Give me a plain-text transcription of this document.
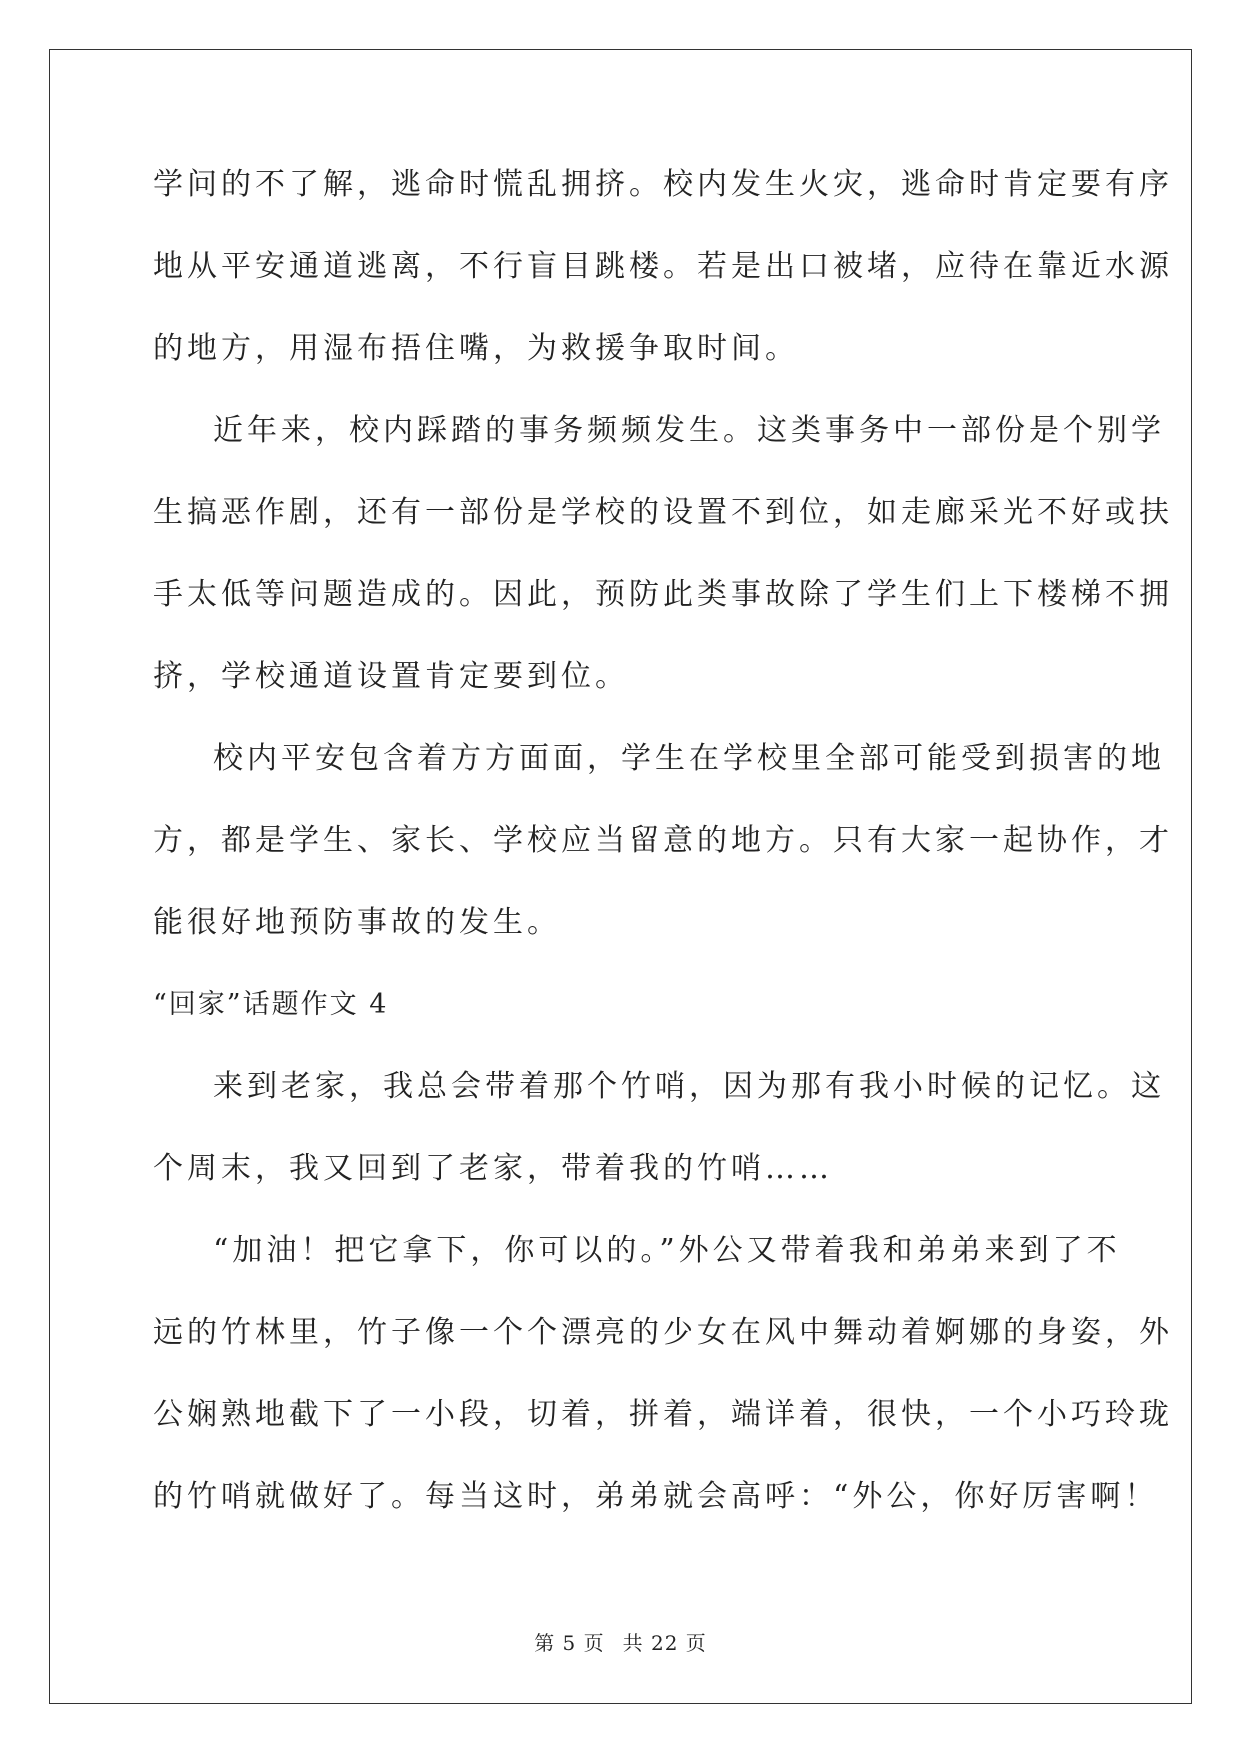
学问的不了解，逃命时慌乱拥挤。校内发生火灾，逃命时肯定要有序
地从平安通道逃离，不行盲目跳楼。若是出口被堵，应待在靠近水源
的地方，用湿布捂住嘴，为救援争取时间。
近年来，校内踩踏的事务频频发生。这类事务中一部份是个别学
生搞恶作剧，还有一部份是学校的设置不到位，如走廊采光不好或扶
手太低等问题造成的。因此，预防此类事故除了学生们上下楼梯不拥
挤，学校通道设置肯定要到位。
校内平安包含着方方面面，学生在学校里全部可能受到损害的地
方，都是学生、家长、学校应当留意的地方。只有大家一起协作，才
能很好地预防事故的发生。
“回家”话题作文 4
来到老家，我总会带着那个竹哨，因为那有我小时候的记忆。这
个周末，我又回到了老家，带着我的竹哨……
“加油！把它拿下，你可以的。”外公又带着我和弟弟来到了不
远的竹林里，竹子像一个个漂亮的少女在风中舞动着婀娜的身姿，外
公娴熟地截下了一小段，切着，拼着，端详着，很快，一个小巧玲珑
的竹哨就做好了。每当这时，弟弟就会高呼：“外公，你好厉害啊！
第 5 页 共 22 页
